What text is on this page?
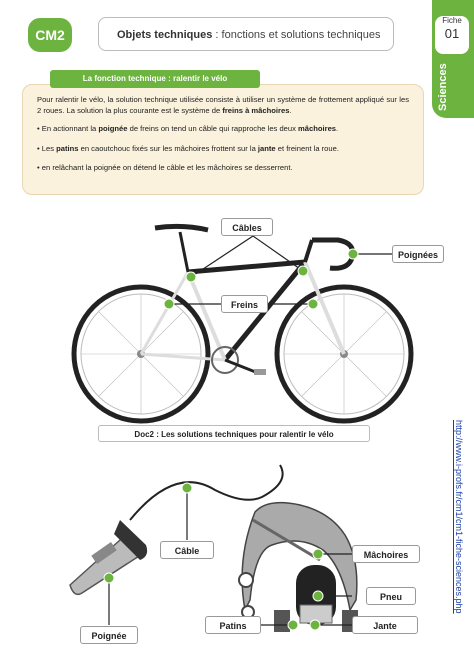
CM2	Objets techniques : fonctions et solutions techniques
Fiche
01
Sciences

Pour ralentir le vélo, la solution technique utilisée consiste à utiliser un système de frottement appliqué sur les 2 roues. La solution la plus courante est le système de freins à mâchoires.

• En actionnant la poignée de freins on tend un câble qui rapproche les deux mâchoires.
• Les patins en caoutchouc fixés sur les mâchoires frottent sur la jante et freinent la roue.
• en relâchant la poignée on détend le câble et les mâchoires se desserrent.
La fonction technique : ralentir le vélo
Câbles
Poignées
Freins
Doc2 : Les solutions techniques pour ralentir le vélo
Câble
Poignée
Mâchoires
Pneu
Jante
Patins
http://www.i-profs.fr/cm1/cm1-fiche-sciences.php
